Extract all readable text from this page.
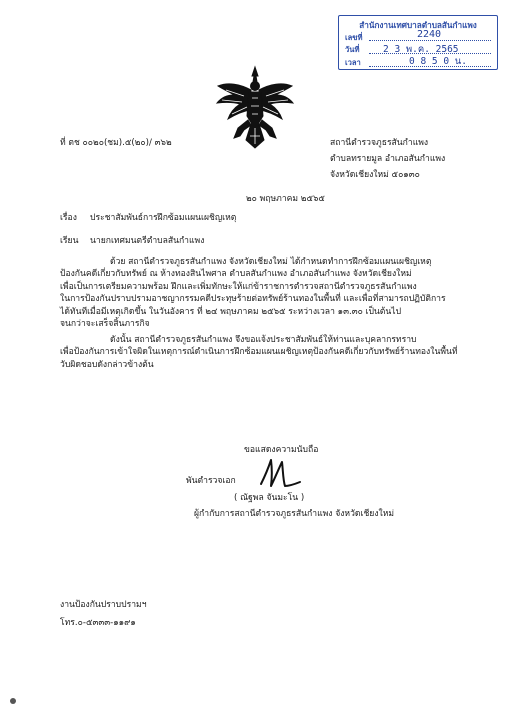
สำนักงานเทศบาลตำบลสันกำแพง
เลขที่	2240
วันที่ 2 3 พ.ค. 2565
เวลา	0 8 5 0 น.
ที่ ตช ๐๐๒๐(ชม).๕(๒๐)/ ๓๖๒	สถานีตำรวจภูธรสันกำแพง
ตำบลทรายมูล อำเภอสันกำแพง
จังหวัดเชียงใหม่ ๕๐๑๓๐
๒๐ พฤษภาคม ๒๕๖๕
เรื่อง ประชาสัมพันธ์การฝึกซ้อมแผนเผชิญเหตุ
เรียน นายกเทศมนตรีตำบลสันกำแพง
ด้วย สถานีตำรวจภูธรสันกำแพง จังหวัดเชียงใหม่ ได้กำหนดทำการฝึกซ้อมแผนเผชิญเหตุ
ป้องกันคดีเกี่ยวกับทรัพย์ ณ ห้างทองสินไพศาล ตำบลสันกำแพง อำเภอสันกำแพง จังหวัดเชียงใหม่
เพื่อเป็นการเตรียมความพร้อม ฝึกและเพิ่มทักษะให้แก่ข้าราชการตำรวจสถานีตำรวจภูธรสันกำแพง
ในการป้องกันปราบปรามอาชญากรรมคดีประทุษร้ายต่อทรัพย์ร้านทองในพื้นที่ และเพื่อที่สามารถปฏิบัติการ
ได้ทันทีเมื่อมีเหตุเกิดขึ้น ในวันอังคาร ที่ ๒๔ พฤษภาคม ๒๕๖๕ ระหว่างเวลา ๑๓.๓๐ เป็นต้นไป
จนกว่าจะเสร็จสิ้นภารกิจ
ดังนั้น สถานีตำรวจภูธรสันกำแพง จึงขอแจ้งประชาสัมพันธ์ให้ท่านและบุคลากรทราบ
เพื่อป้องกันการเข้าใจผิดในเหตุการณ์ดำเนินการฝึกซ้อมแผนเผชิญเหตุป้องกันคดีเกี่ยวกับทรัพย์ร้านทองในพื้นที่
วับผิดชอบดังกล่าวข้างต้น
ขอแสดงความนับถือ
พันตำรวจเอก
( ณัฐพล จันมะโน )
ผู้กำกับการสถานีตำรวจภูธรสันกำแพง จังหวัดเชียงใหม่
งานป้องกันปราบปรามฯ
โทร.๐-๕๓๓๓-๑๑๙๑
